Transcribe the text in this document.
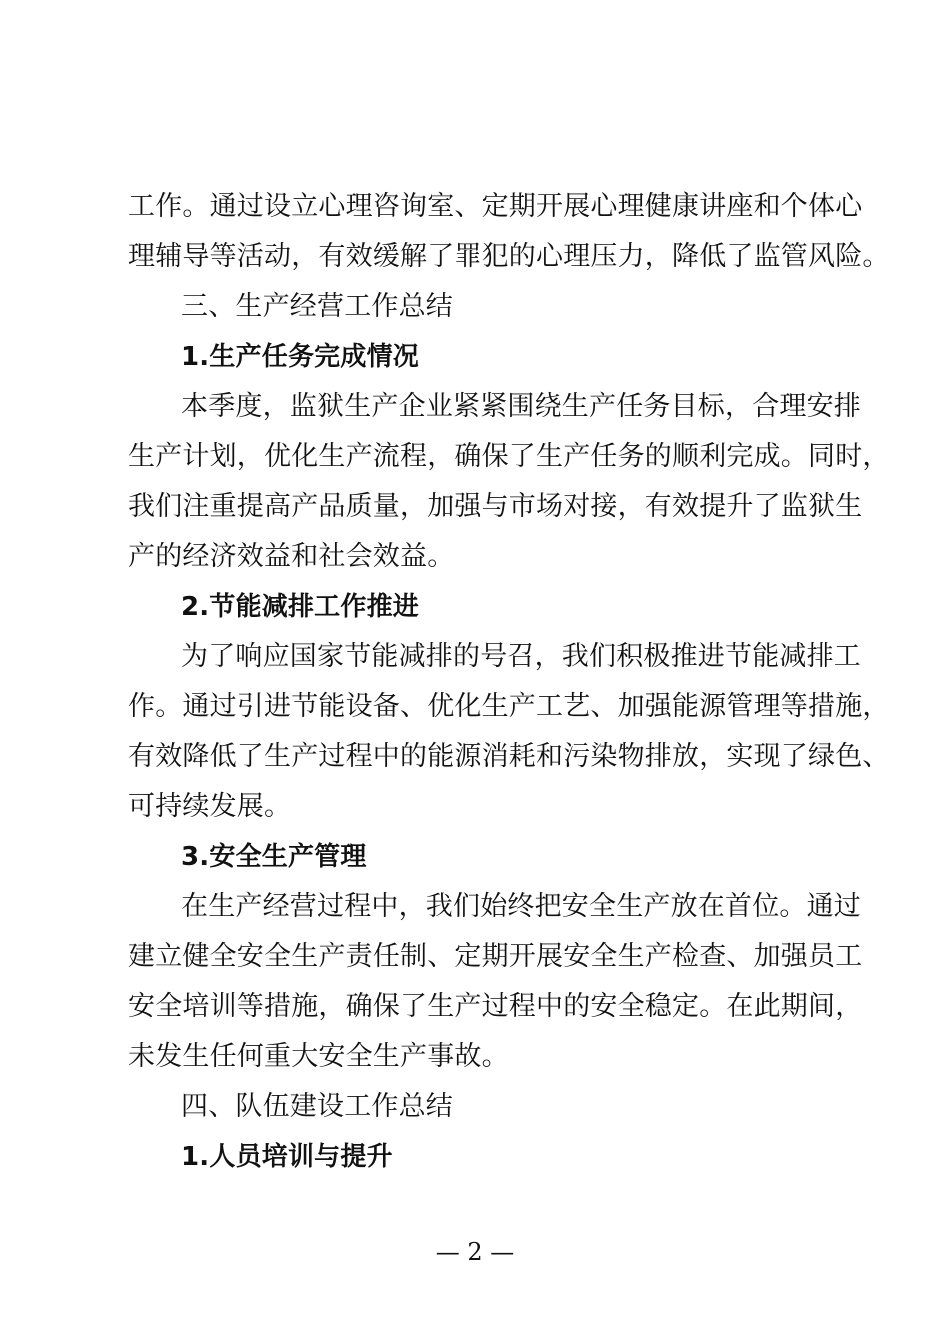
工作。通过设立心理咨询室、定期开展心理健康讲座和个体心
理辅导等活动，有效缓解了罪犯的心理压力，降低了监管风险。
三、生产经营工作总结
1.生产任务完成情况
本季度，监狱生产企业紧紧围绕生产任务目标，合理安排
生产计划，优化生产流程，确保了生产任务的顺利完成。同时，
我们注重提高产品质量，加强与市场对接，有效提升了监狱生
产的经济效益和社会效益。
2.节能减排工作推进
为了响应国家节能减排的号召，我们积极推进节能减排工
作。通过引进节能设备、优化生产工艺、加强能源管理等措施，
有效降低了生产过程中的能源消耗和污染物排放，实现了绿色、
可持续发展。
3.安全生产管理
在生产经营过程中，我们始终把安全生产放在首位。通过
建立健全安全生产责任制、定期开展安全生产检查、加强员工
安全培训等措施，确保了生产过程中的安全稳定。在此期间，
未发生任何重大安全生产事故。
四、队伍建设工作总结
1.人员培训与提升
— 2 —
